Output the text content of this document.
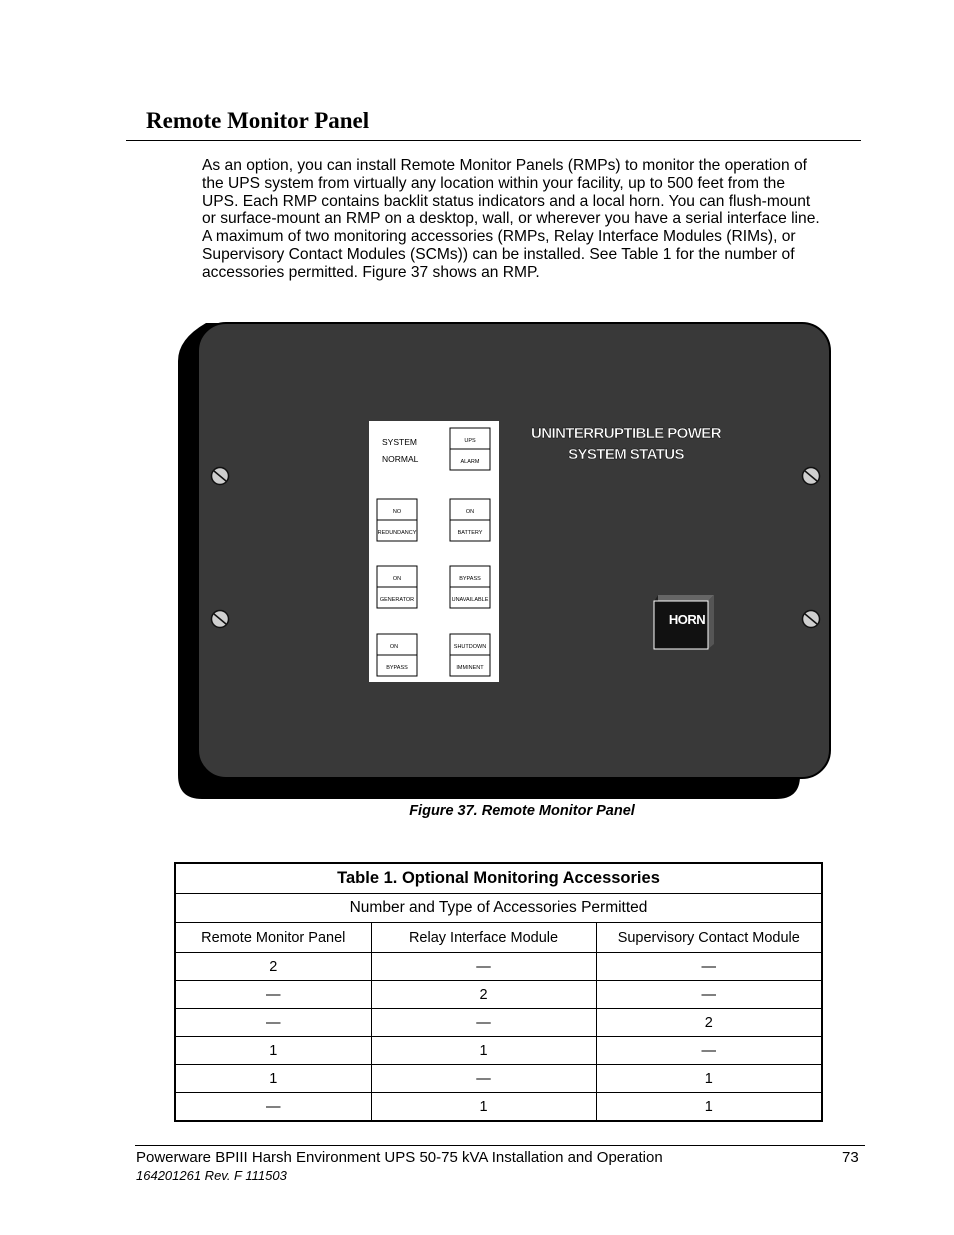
Remote Monitor Panel

As an option, you can install Remote Monitor Panels (RMPs) to monitor the operation of the UPS system from virtually any location within your facility, up to 500 feet from the UPS. Each RMP contains backlit status indicators and a local horn. You can flush-mount or surface-mount an RMP on a desktop, wall, or wherever you have a serial interface line. A maximum of two monitoring accessories (RMPs, Relay Interface Modules (RIMs), or Supervisory Contact Modules (SCMs)) can be installed. See Table 1 for the number of accessories permitted. Figure 37 shows an RMP.

SYSTEM
NORMAL
UPS
ALARM
NO
REDUNDANCY
ON
BATTERY
ON
GENERATOR
BYPASS
UNAVAILABLE
ON
BYPASS
SHUTDOWN
IMMINENT
UNINTERRUPTIBLE POWER
SYSTEM STATUS
HORN
Figure 37. Remote Monitor Panel
Table 1. Optional Monitoring Accessories		
Number and Type of Accessories Permitted		
Remote Monitor Panel	Relay Interface Module	Supervisory Contact Module
2	—	—
—	2	—
—	—	2
1	1	—
1	—	1
—	1	1
Powerware BPIII Harsh Environment UPS 50-75 kVA Installation and Operation	73
164201261 Rev. F 111503
